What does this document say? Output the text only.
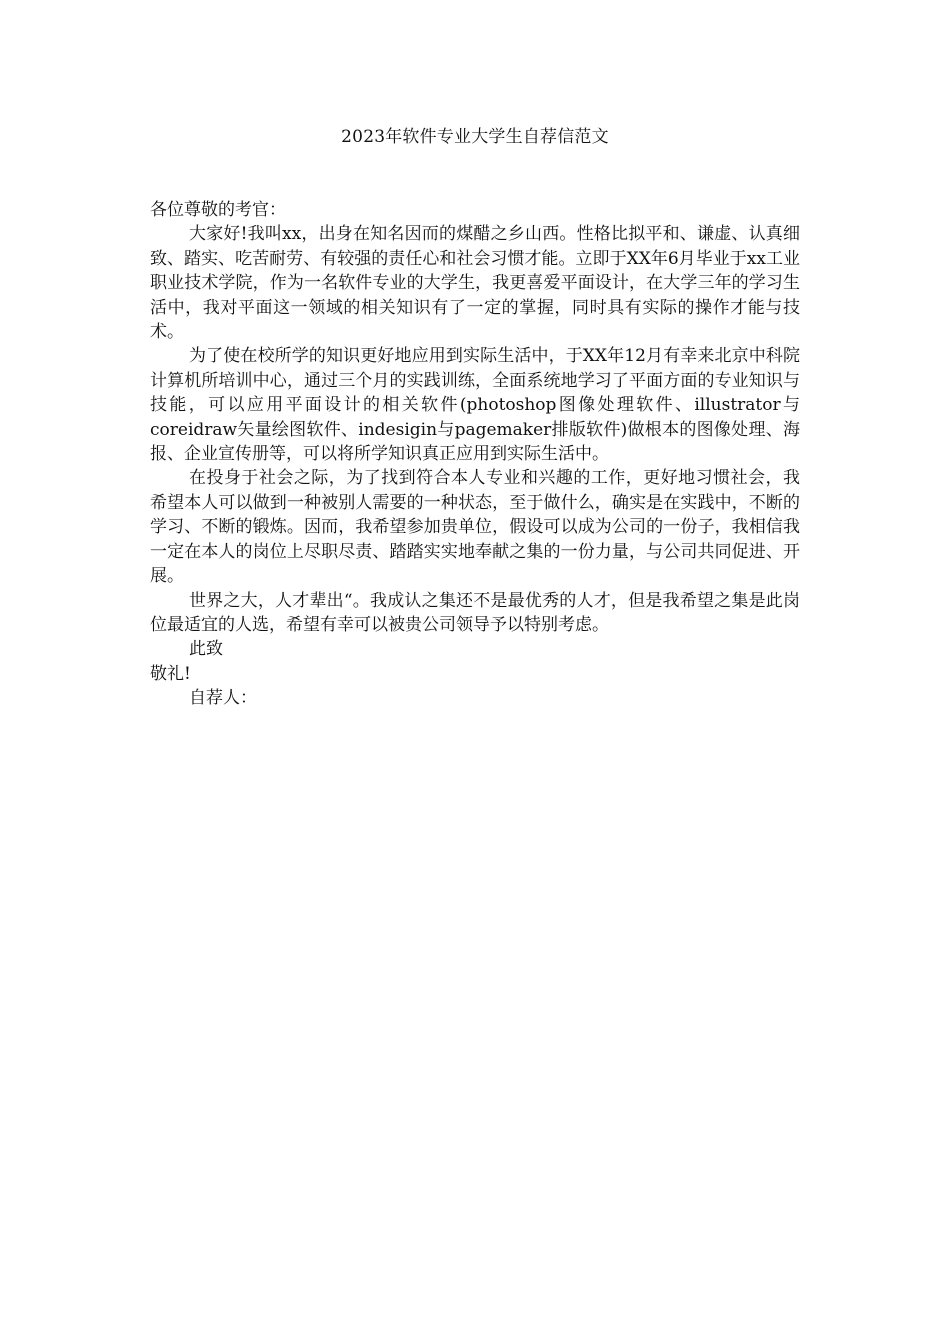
2023年软件专业大学生自荐信范文

各位尊敬的考官：

大家好!我叫xx，出身在知名因而的煤醋之乡山西。性格比拟平和、谦虚、认真细致、踏实、吃苦耐劳、有较强的责任心和社会习惯才能。立即于XX年6月毕业于xx工业职业技术学院，作为一名软件专业的大学生，我更喜爱平面设计，在大学三年的学习生活中，我对平面这一领域的相关知识有了一定的掌握，同时具有实际的操作才能与技术。

为了使在校所学的知识更好地应用到实际生活中，于XX年12月有幸来北京中科院计算机所培训中心，通过三个月的实践训练，全面系统地学习了平面方面的专业知识与技能，可以应用平面设计的相关软件(photoshop图像处理软件、illustrator与coreidraw矢量绘图软件、indesigin与pagemaker排版软件)做根本的图像处理、海报、企业宣传册等，可以将所学知识真正应用到实际生活中。

在投身于社会之际，为了找到符合本人专业和兴趣的工作，更好地习惯社会，我希望本人可以做到一种被别人需要的一种状态，至于做什么，确实是在实践中，不断的学习、不断的锻炼。因而，我希望参加贵单位，假设可以成为公司的一份子，我相信我一定在本人的岗位上尽职尽责、踏踏实实地奉献之集的一份力量，与公司共同促进、开展。

世界之大，人才辈出“。我成认之集还不是最优秀的人才，但是我希望之集是此岗位最适宜的人选，希望有幸可以被贵公司领导予以特别考虑。

此致

敬礼!

自荐人：
